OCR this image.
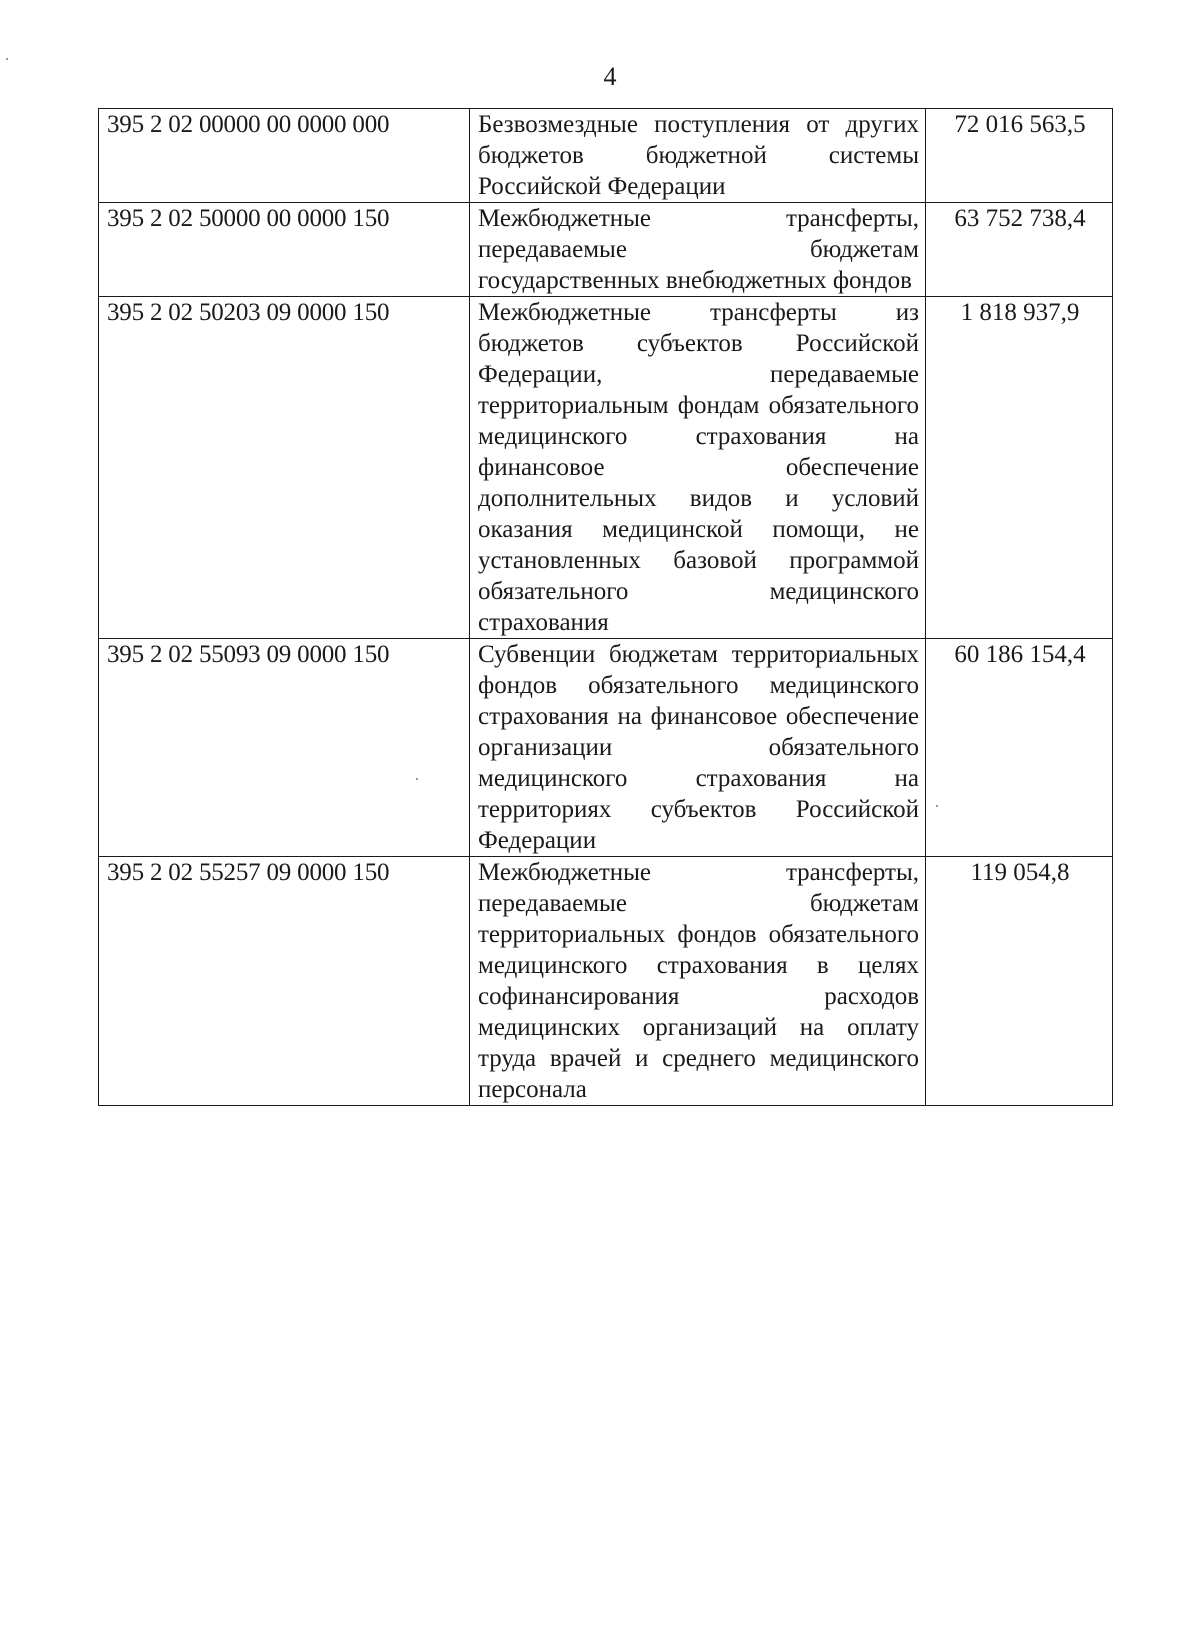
4
395 2 02 00000 00 0000 000	Безвозмездные поступления от других бюджетов бюджетной системы Российской Федерации	72 016 563,5
395 2 02 50000 00 0000 150	Межбюджетные трансферты, передаваемые бюджетам государственных внебюджетных фондов	63 752 738,4
395 2 02 50203 09 0000 150	Межбюджетные трансферты из бюджетов субъектов Российской Федерации, передаваемые территориальным фондам обязательного медицинского страхования на финансовое обеспечение дополнительных видов и условий оказания медицинской помощи, не установленных базовой программой обязательного медицинского страхования	1 818 937,9
395 2 02 55093 09 0000 150	Субвенции бюджетам территориальных фондов обязательного медицинского страхования на финансовое обеспечение организации обязательного медицинского страхования на территориях субъектов Российской Федерации	60 186 154,4
395 2 02 55257 09 0000 150	Межбюджетные трансферты, передаваемые бюджетам территориальных фондов обязательного медицинского страхования в целях софинансирования расходов медицинских организаций на оплату труда врачей и среднего медицинского персонала	119 054,8
